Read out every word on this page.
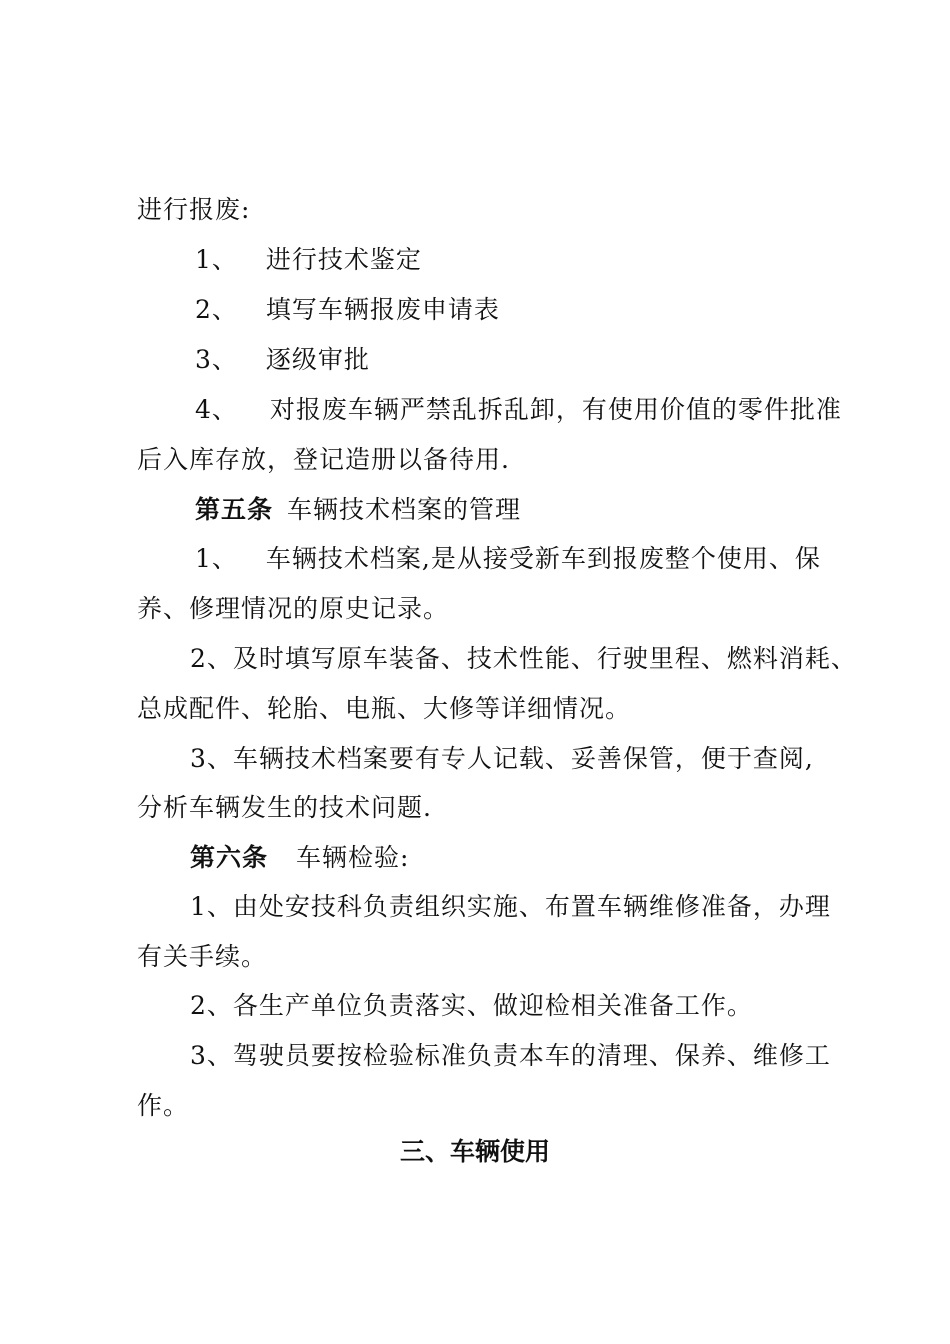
进行报废:
1、 进行技术鉴定
2、 填写车辆报废申请表
3、 逐级审批
4、 对报废车辆严禁乱拆乱卸，有使用价值的零件批准
后入库存放，登记造册以备待用.
第五条 车辆技术档案的管理
1、 车辆技术档案,是从接受新车到报废整个使用、保
养、修理情况的原史记录。
2、及时填写原车装备、技术性能、行驶里程、燃料消耗、
总成配件、轮胎、电瓶、大修等详细情况。
3、车辆技术档案要有专人记载、妥善保管，便于查阅,
分析车辆发生的技术问题.
第六条 车辆检验:
1、由处安技科负责组织实施、布置车辆维修准备，办理
有关手续。
2、各生产单位负责落实、做迎检相关准备工作。
3、驾驶员要按检验标准负责本车的清理、保养、维修工
作。
三、车辆使用
